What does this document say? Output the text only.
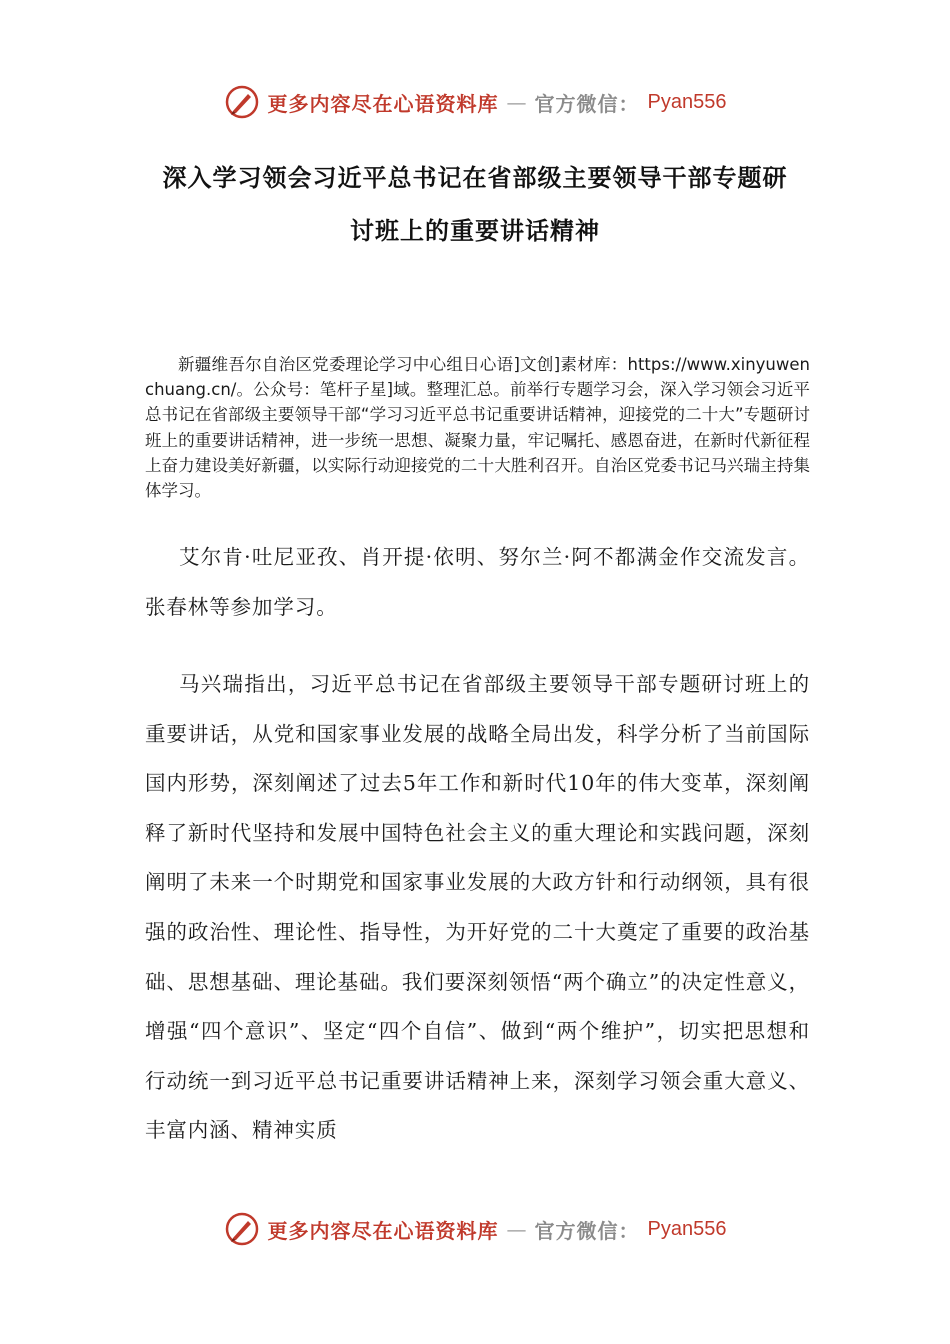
更多内容尽在心语资料库 — 官方微信： Pyan556
深入学习领会习近平总书记在省部级主要领导干部专题研
讨班上的重要讲话精神
新疆维吾尔自治区党委理论学习中心组日心语]文创]素材库：https://www.xinyuwenchuang.cn/。公众号：笔杆子星]域。整理汇总。前举行专题学习会，深入学习领会习近平总书记在省部级主要领导干部“学习习近平总书记重要讲话精神，迎接党的二十大”专题研讨班上的重要讲话精神，进一步统一思想、凝聚力量，牢记嘱托、感恩奋进，在新时代新征程上奋力建设美好新疆，以实际行动迎接党的二十大胜利召开。自治区党委书记马兴瑞主持集体学习。
艾尔肯·吐尼亚孜、肖开提·依明、努尔兰·阿不都满金作交流发言。张春林等参加学习。
马兴瑞指出，习近平总书记在省部级主要领导干部专题研讨班上的重要讲话，从党和国家事业发展的战略全局出发，科学分析了当前国际国内形势，深刻阐述了过去5年工作和新时代10年的伟大变革，深刻阐释了新时代坚持和发展中国特色社会主义的重大理论和实践问题，深刻阐明了未来一个时期党和国家事业发展的大政方针和行动纲领，具有很强的政治性、理论性、指导性，为开好党的二十大奠定了重要的政治基础、思想基础、理论基础。我们要深刻领悟“两个确立”的决定性意义，增强“四个意识”、坚定“四个自信”、做到“两个维护”，切实把思想和行动统一到习近平总书记重要讲话精神上来，深刻学习领会重大意义、丰富内涵、精神实质
更多内容尽在心语资料库 — 官方微信： Pyan556
